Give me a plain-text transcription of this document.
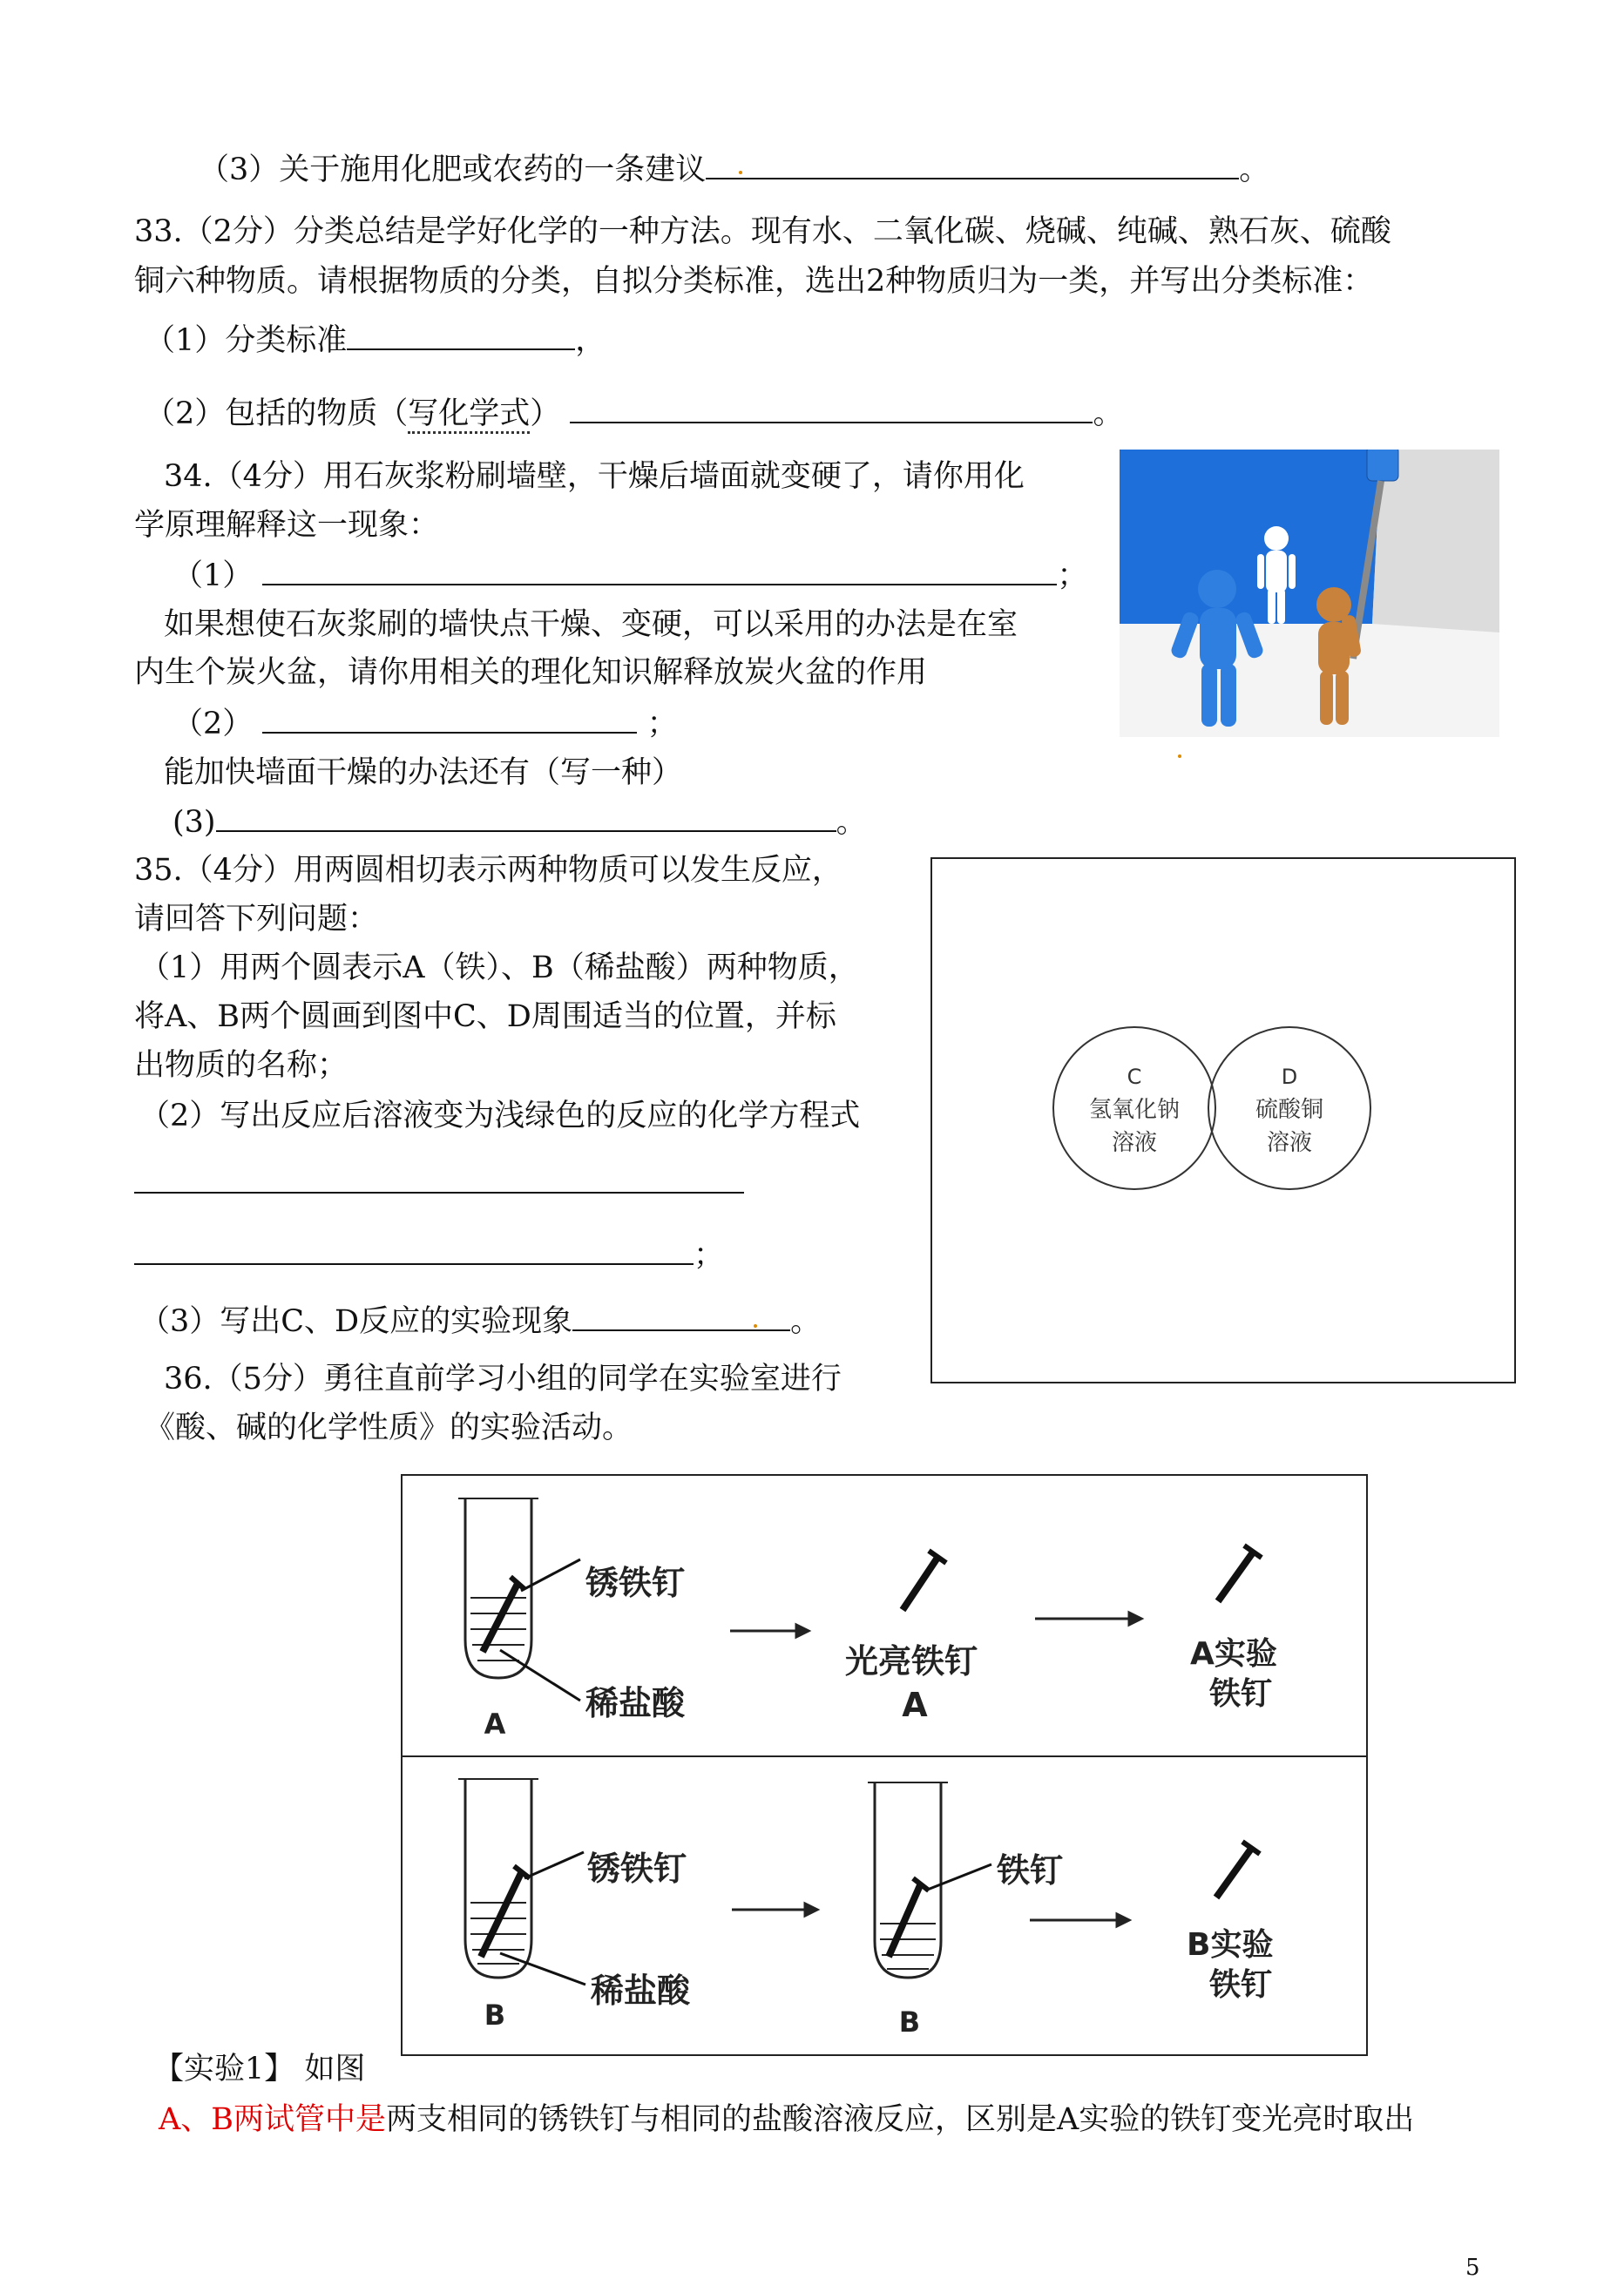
（3）关于施用化肥或农药的一条建议	。
33.（2分）分类总结是学好化学的一种方法。现有水、二氧化碳、烧碱、纯碱、熟石灰、硫酸
铜六种物质。请根据物质的分类，自拟分类标准，选出2种物质归为一类，并写出分类标准：
（1）分类标准	，
（2）包括的物质（写化学式）	。
34.（4分）用石灰浆粉刷墙壁，干燥后墙面就变硬了，请你用化
学原理解释这一现象：
（1）	；
如果想使石灰浆刷的墙快点干燥、变硬，可以采用的办法是在室
内生个炭火盆，请你用相关的理化知识解释放炭火盆的作用
（2）	；
能加快墙面干燥的办法还有（写一种）
(3)	。
35.（4分）用两圆相切表示两种物质可以发生反应，
请回答下列问题：
（1）用两个圆表示A（铁）、B（稀盐酸）两种物质，
将A、B两个圆画到图中C、D周围适当的位置，并标
出物质的名称；
（2）写出反应后溶液变为浅绿色的反应的化学方程式
；
（3）写出C、D反应的实验现象	。
C
氢氧化钠
溶液
D
硫酸铜
溶液
36.（5分）勇往直前学习小组的同学在实验室进行
《酸、碱的化学性质》的实验活动。
锈铁钉
稀盐酸
A
光亮铁钉
A
A实验
铁钉
锈铁钉
稀盐酸
B
铁钉
B
B实验
铁钉
【实验1】 如图
A、B两试管中是两支相同的锈铁钉与相同的盐酸溶液反应，区别是A实验的铁钉变光亮时取出
5
